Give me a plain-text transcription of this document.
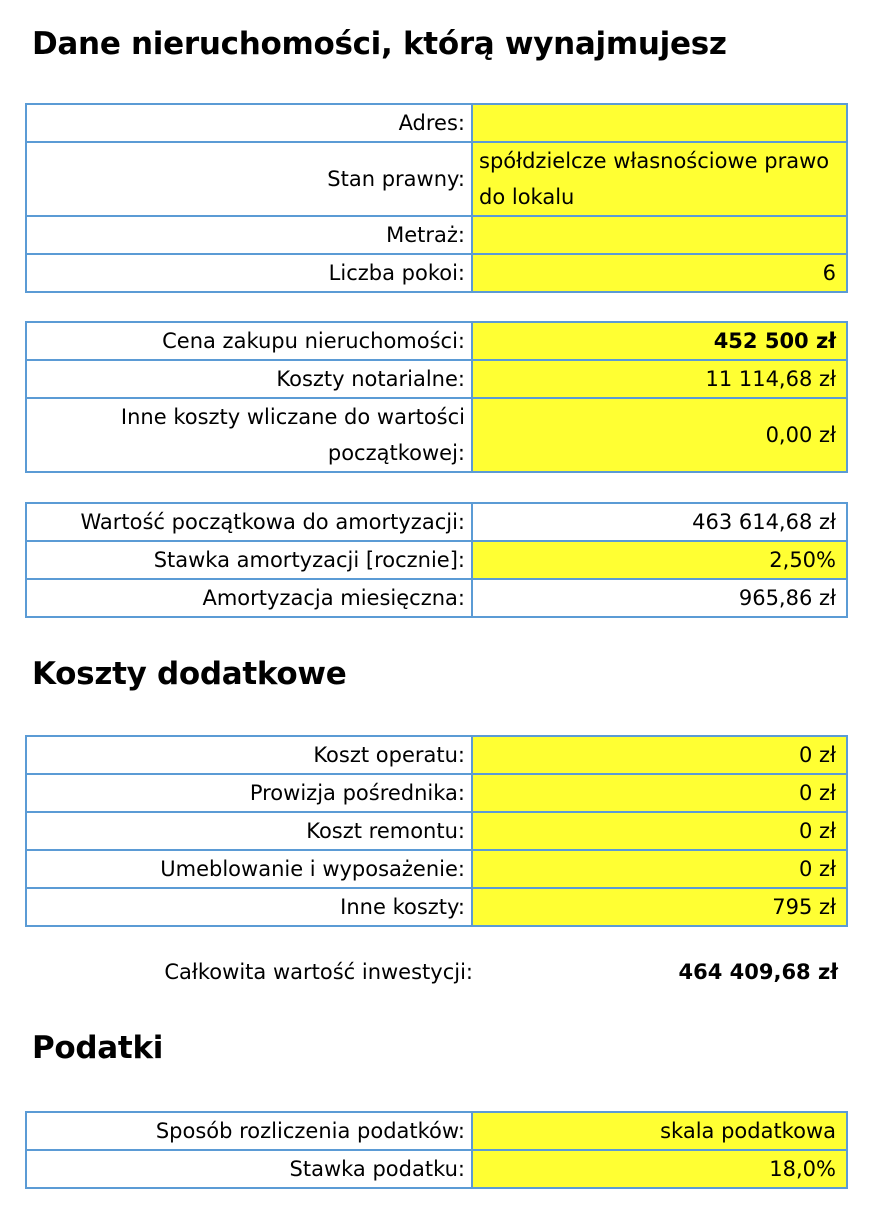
Dane nieruchomości, którą wynajmujesz
Adres:	
Stan prawny:	spółdzielcze własnościowe prawo do lokalu
Metraż:	
Liczba pokoi:	6
Cena zakupu nieruchomości:	452 500 zł
Koszty notarialne:	11 114,68 zł
Inne koszty wliczane do wartości początkowej:	0,00 zł
Wartość początkowa do amortyzacji:	463 614,68 zł
Stawka amortyzacji [rocznie]:	2,50%
Amortyzacja miesięczna:	965,86 zł
Koszty dodatkowe
Koszt operatu:	0 zł
Prowizja pośrednika:	0 zł
Koszt remontu:	0 zł
Umeblowanie i wyposażenie:	0 zł
Inne koszty:	795 zł
Całkowita wartość inwestycji:	464 409,68 zł
Podatki
Sposób rozliczenia podatków:	skala podatkowa
Stawka podatku:	18,0%
